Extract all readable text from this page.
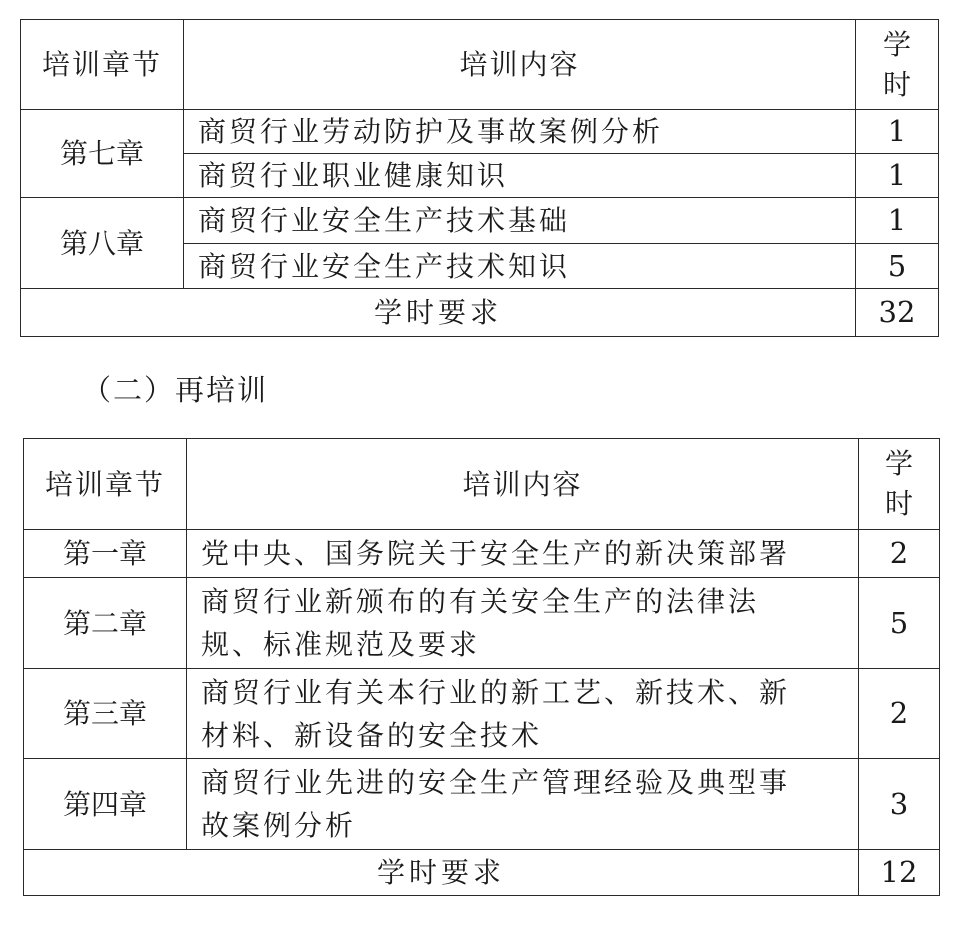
培训章节	培训内容	学
时

第七章	商贸行业劳动防护及事故案例分析	1
	商贸行业职业健康知识	1
第八章	商贸行业安全生产技术基础	1
	商贸行业安全生产技术知识	5
学时要求		32
（二）再培训
培训章节	培训内容	学
时

第一章	党中央、国务院关于安全生产的新决策部署	2
第二章	商贸行业新颁布的有关安全生产的法律法
规、标准规范及要求	5
第三章	商贸行业有关本行业的新工艺、新技术、新
材料、新设备的安全技术	2
第四章	商贸行业先进的安全生产管理经验及典型事
故案例分析	3
学时要求		12
